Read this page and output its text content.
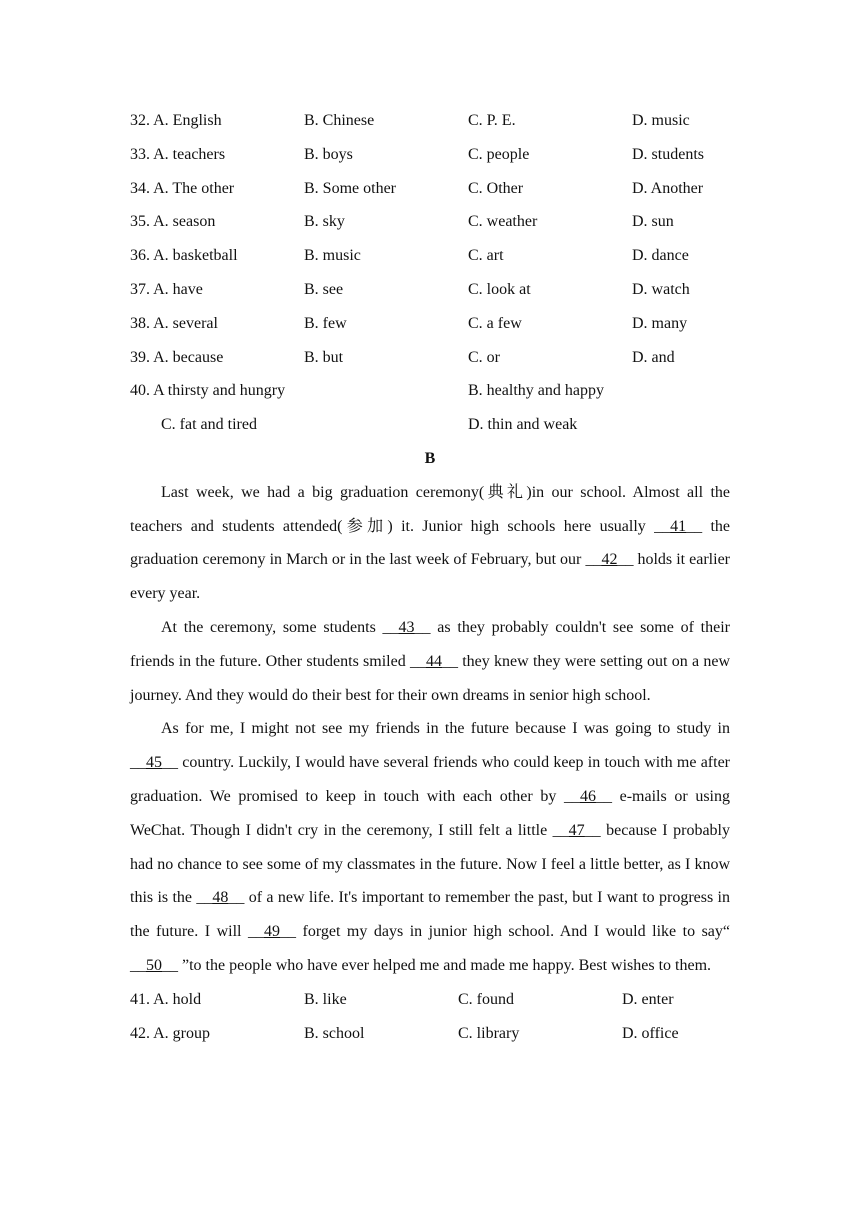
32. A. English	B. Chinese	C. P. E.	D. music
33. A. teachers	B. boys	C. people	D. students
34. A. The other	B. Some other	C. Other	D. Another
35. A. season	B. sky	C. weather	D. sun
36. A. basketball	B. music	C. art	D. dance
37. A. have	B. see	C. look at	D. watch
38. A. several	B. few	C. a few	D. many
39. A. because	B. but	C. or	D. and
40. A thirsty and hungry	B. healthy and happy
C. fat and tired	D. thin and weak
B

Last week, we had a big graduation ceremony(典礼)in our school. Almost all the teachers and students attended(参加) it. Junior high schools here usually __41__ the graduation ceremony in March or in the last week of February, but our __42__ holds it earlier every year.

At the ceremony, some students __43__ as they probably couldn't see some of their friends in the future. Other students smiled __44__ they knew they were setting out on a new journey. And they would do their best for their own dreams in senior high school.

As for me, I might not see my friends in the future because I was going to study in __45__ country. Luckily, I would have several friends who could keep in touch with me after graduation. We promised to keep in touch with each other by __46__ e-mails or using WeChat. Though I didn't cry in the ceremony, I still felt a little __47__ because I probably had no chance to see some of my classmates in the future. Now I feel a little better, as I know this is the __48__ of a new life. It's important to remember the past, but I want to progress in the future. I will __49__ forget my days in junior high school. And I would like to say“ __50__ ”to the people who have ever helped me and made me happy. Best wishes to them.

41. A. hold	B. like	C. found	D. enter
42. A. group	B. school	C. library	D. office
